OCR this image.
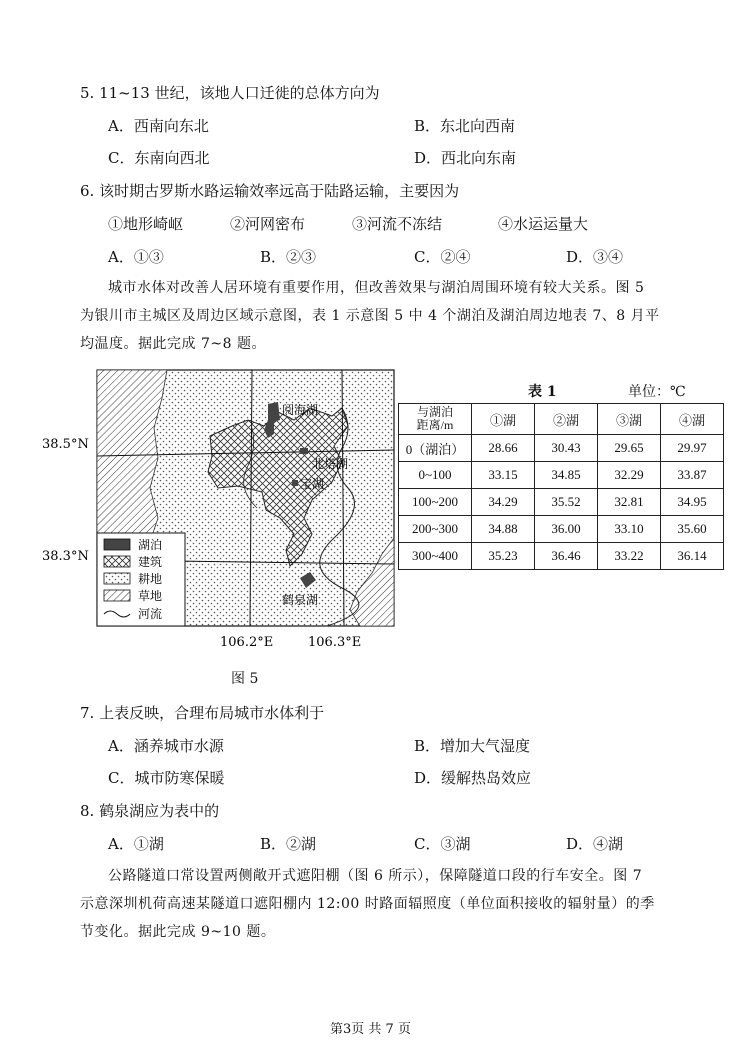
5. 11~13 世纪，该地人口迁徙的总体方向为
A．西南向东北	B．东北向西南
C．东南向西北	D．西北向东南
6. 该时期古罗斯水路运输效率远高于陆路运输，主要因为
①地形崎岖	②河网密布	③河流不冻结	④水运运量大
A．①③	B．②③	C．②④	D．③④
城市水体对改善人居环境有重要作用，但改善效果与湖泊周围环境有较大关系。图 5
为银川市主城区及周边区域示意图，表 1 示意图 5 中 4 个湖泊及湖泊周边地表 7、8 月平
均温度。据此完成 7~8 题。
阅海湖
北塔湖
宝湖
鹤泉湖
38.5°N
38.3°N
106.2°E	106.3°E
湖泊
建筑
耕地
草地
河流
图 5
表 1	单位：℃
与湖泊
距离/m	①湖	②湖	③湖	④湖
0（湖泊）	28.66	30.43	29.65	29.97
0~100	33.15	34.85	32.29	33.87
100~200	34.29	35.52	32.81	34.95
200~300	34.88	36.00	33.10	35.60
300~400	35.23	36.46	33.22	36.14
7. 上表反映，合理布局城市水体利于
A．涵养城市水源	B．增加大气湿度
C．城市防寒保暖	D．缓解热岛效应
8. 鹤泉湖应为表中的
A．①湖	B．②湖	C．③湖	D．④湖
公路隧道口常设置两侧敞开式遮阳棚（图 6 所示），保障隧道口段的行车安全。图 7
示意深圳机荷高速某隧道口遮阳棚内 12:00 时路面辐照度（单位面积接收的辐射量）的季
节变化。据此完成 9~10 题。
第3页 共 7 页
